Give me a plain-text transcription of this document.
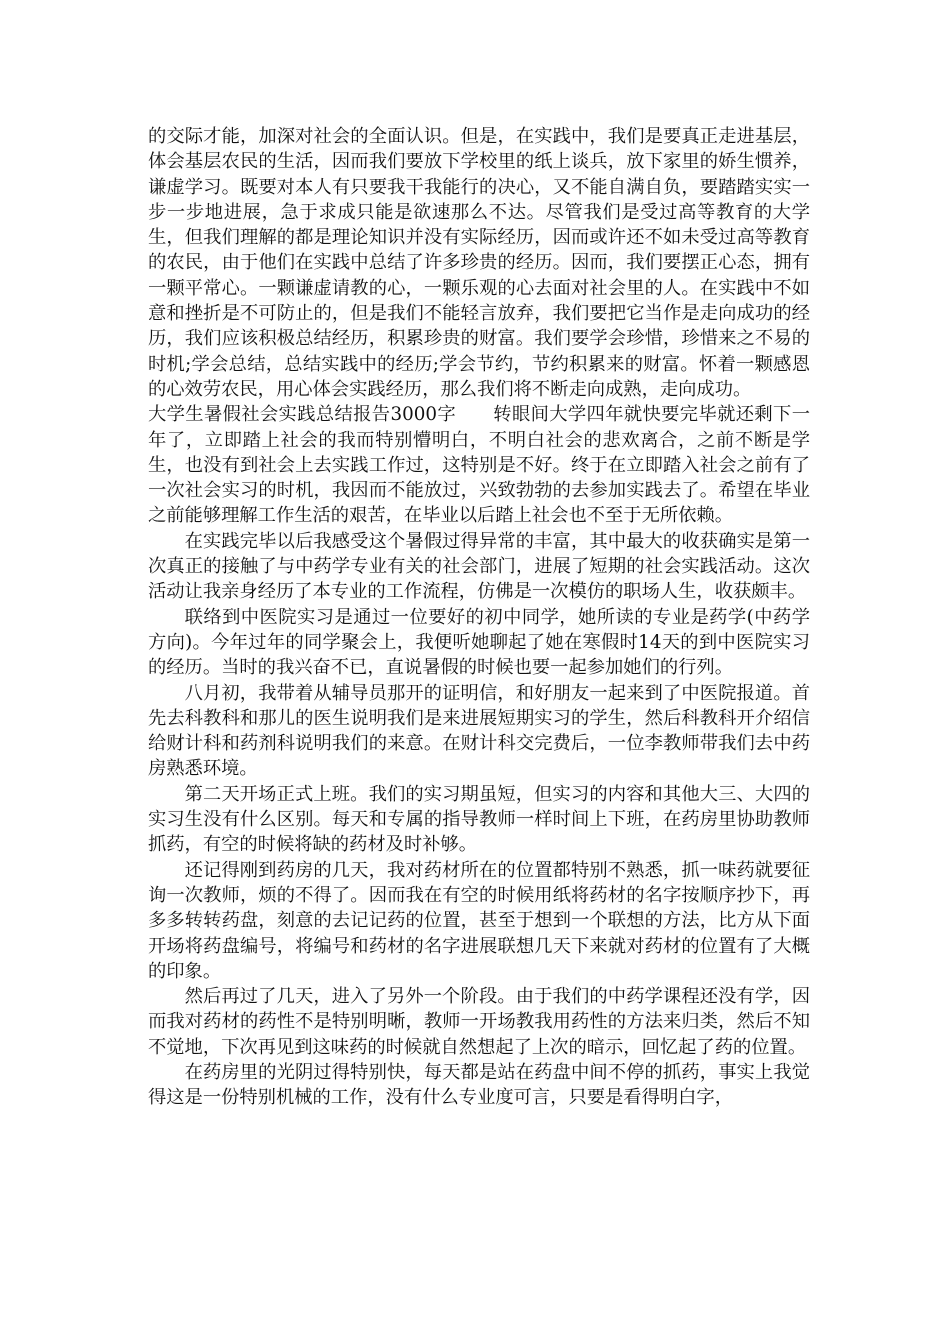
的交际才能，加深对社会的全面认识。但是，在实践中，我们是要真正走进基层，体会基层农民的生活，因而我们要放下学校里的纸上谈兵，放下家里的娇生惯养，谦虚学习。既要对本人有只要我干我能行的决心，又不能自满自负，要踏踏实实一步一步地进展，急于求成只能是欲速那么不达。尽管我们是受过高等教育的大学生，但我们理解的都是理论知识并没有实际经历，因而或许还不如未受过高等教育的农民，由于他们在实践中总结了许多珍贵的经历。因而，我们要摆正心态，拥有一颗平常心。一颗谦虚请教的心，一颗乐观的心去面对社会里的人。在实践中不如意和挫折是不可防止的，但是我们不能轻言放弃，我们要把它当作是走向成功的经历，我们应该积极总结经历，积累珍贵的财富。我们要学会珍惜，珍惜来之不易的时机;学会总结，总结实践中的经历;学会节约，节约积累来的财富。怀着一颗感恩的心效劳农民，用心体会实践经历，那么我们将不断走向成熟，走向成功。

大学生暑假社会实践总结报告3000字　　转眼间大学四年就快要完毕就还剩下一年了，立即踏上社会的我而特别懵明白，不明白社会的悲欢离合，之前不断是学生，也没有到社会上去实践工作过，这特别是不好。终于在立即踏入社会之前有了一次社会实习的时机，我因而不能放过，兴致勃勃的去参加实践去了。希望在毕业之前能够理解工作生活的艰苦，在毕业以后踏上社会也不至于无所依赖。

在实践完毕以后我感受这个暑假过得异常的丰富，其中最大的收获确实是第一次真正的接触了与中药学专业有关的社会部门，进展了短期的社会实践活动。这次活动让我亲身经历了本专业的工作流程，仿佛是一次模仿的职场人生，收获颇丰。

联络到中医院实习是通过一位要好的初中同学，她所读的专业是药学(中药学方向)。今年过年的同学聚会上，我便听她聊起了她在寒假时14天的到中医院实习的经历。当时的我兴奋不已，直说暑假的时候也要一起参加她们的行列。

八月初，我带着从辅导员那开的证明信，和好朋友一起来到了中医院报道。首先去科教科和那儿的医生说明我们是来进展短期实习的学生，然后科教科开介绍信给财计科和药剂科说明我们的来意。在财计科交完费后，一位李教师带我们去中药房熟悉环境。

第二天开场正式上班。我们的实习期虽短，但实习的内容和其他大三、大四的实习生没有什么区别。每天和专属的指导教师一样时间上下班，在药房里协助教师抓药，有空的时候将缺的药材及时补够。

还记得刚到药房的几天，我对药材所在的位置都特别不熟悉，抓一味药就要征询一次教师，烦的不得了。因而我在有空的时候用纸将药材的名字按顺序抄下，再多多转转药盘，刻意的去记记药的位置，甚至于想到一个联想的方法，比方从下面开场将药盘编号，将编号和药材的名字进展联想几天下来就对药材的位置有了大概的印象。

然后再过了几天，进入了另外一个阶段。由于我们的中药学课程还没有学，因而我对药材的药性不是特别明晰，教师一开场教我用药性的方法来归类，然后不知不觉地，下次再见到这味药的时候就自然想起了上次的暗示，回忆起了药的位置。

在药房里的光阴过得特别快，每天都是站在药盘中间不停的抓药，事实上我觉得这是一份特别机械的工作，没有什么专业度可言，只要是看得明白字，
